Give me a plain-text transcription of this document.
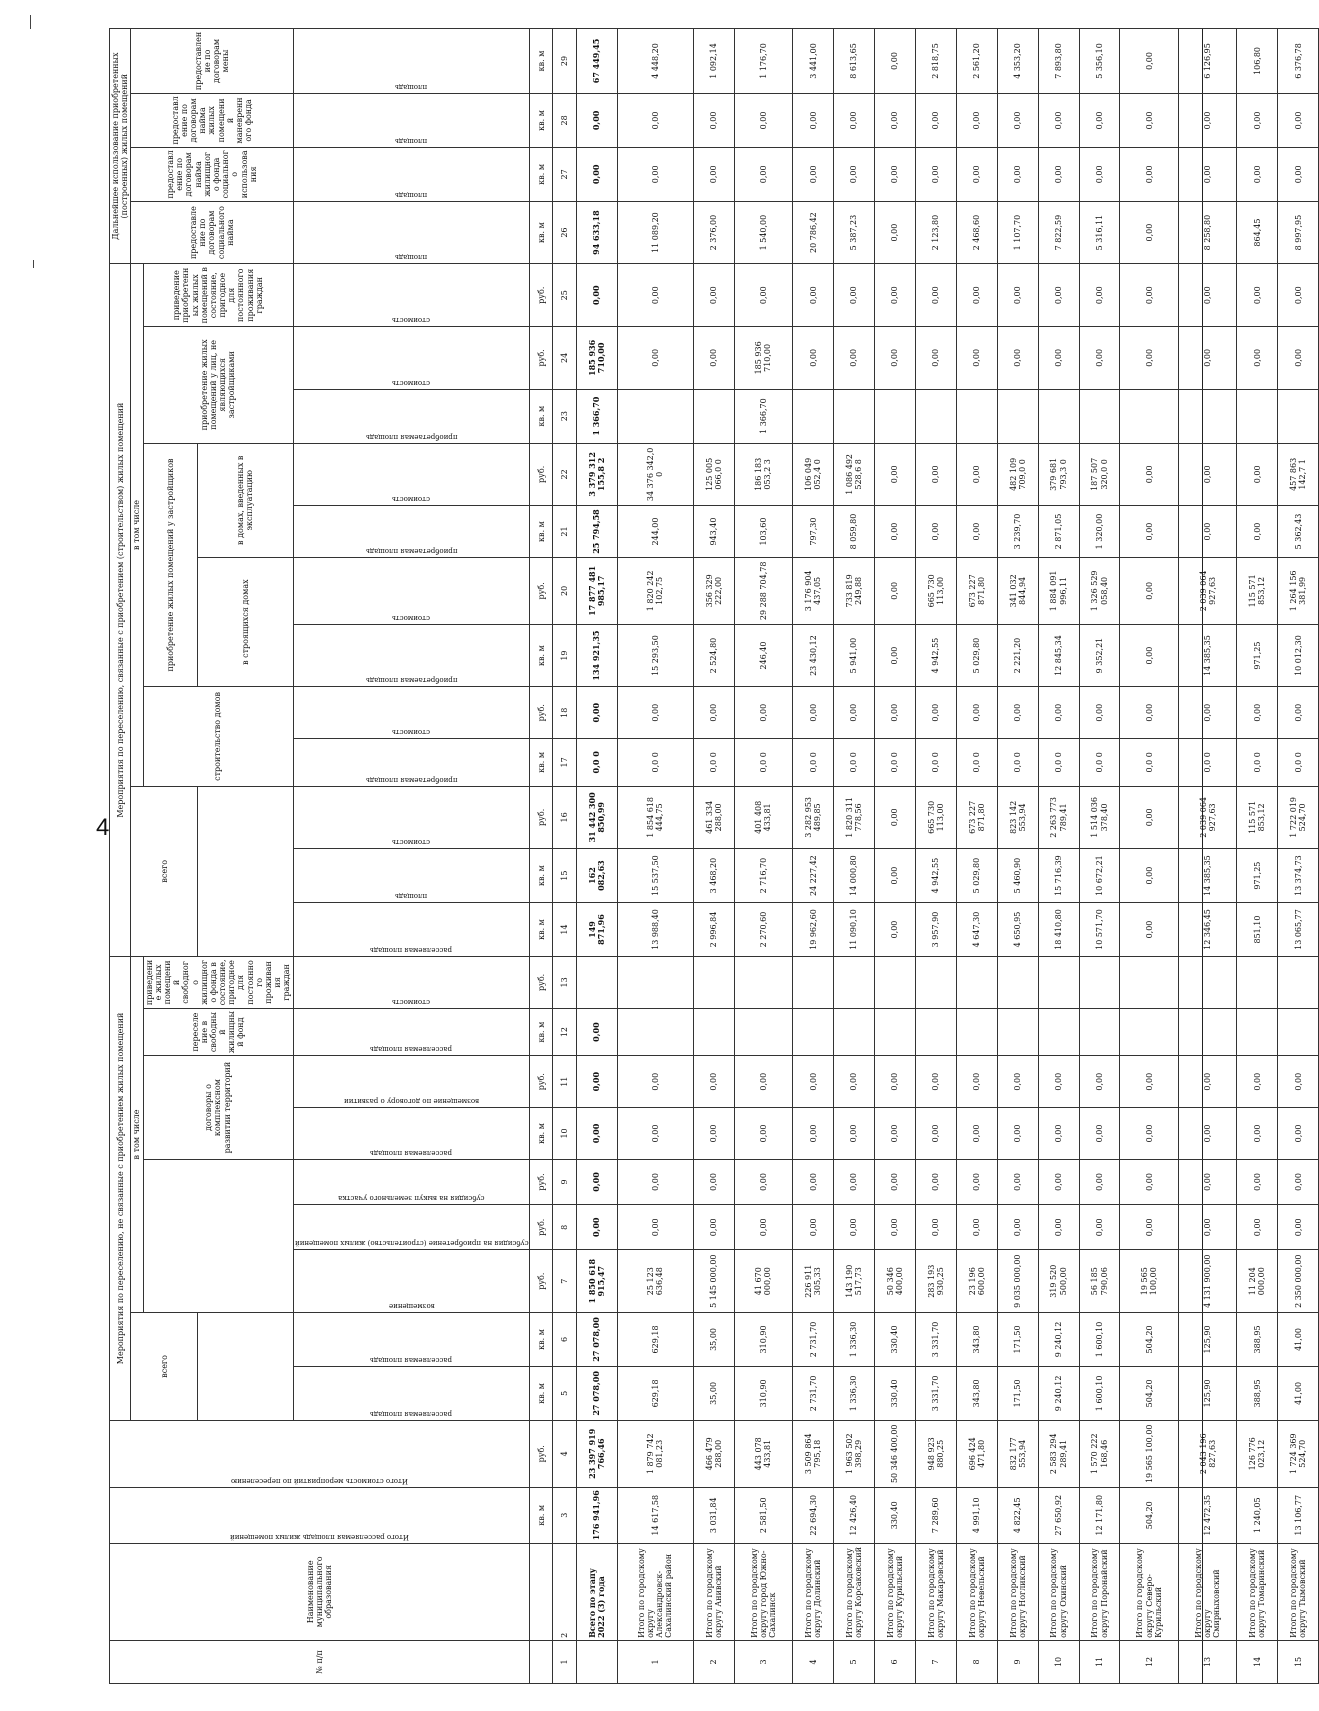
4
№ п/п	Наименование муниципального образования	Итого расселяемая площадь жилых помещений	Итого стоимость мероприятий по переселению	Мероприятия по переселению, не связанные с приобретением жилых помещений									Мероприятия по переселению, связанные с приобретением (строительством) жилых помещений												Дальнейшее использование приобретенных (построенных) жилых помещений			
				всего		в том числе							всего			в том числе									предоставление по договорам социального найма	предоставление по договорам найма жилищного фонда социального использования	предоставление по договорам найма жилых помещений маневренного фонда	предоставление по договорам мены
									договоры о комплексном развитии территорий		переселение в свободный жилищный фонд	приведение жилых помещений свободного жилищного фонда в состояние, пригодное для постоянного проживания граждан				строительство домов		приобретение жилых помещений у застройщиков				приобретение жилых помещений у лиц, не являющихся застройщиками		приведение приобретенных жилых помещений в состояние, пригодное для постоянного проживания граждан				
																		в строящихся домах		в домах, введенных в эксплуатацию								

				расселяемая площадь	расселяемая площадь	возмещение	субсидия на приобретение (строительство) жилых помещений	субсидия на выкуп земельного участка	расселяемая площадь	возмещение по договору о развитии	расселяемая площадь	стоимость	расселяемая площадь	площадь	стоимость	приобретаемая площадь	стоимость	приобретаемая площадь	стоимость	приобретаемая площадь	стоимость	приобретаемая площадь	стоимость	стоимость	площадь	площадь	площадь	площадь

		кв. м	руб.	кв. м	кв. м	руб.	руб.	руб.	кв. м	руб.	кв. м	руб.	кв. м	кв. м	руб.	кв. м	руб.	кв. м	руб.	кв. м	руб.	кв. м	руб.	руб.	кв. м	кв. м	кв. м	кв. м
1	2	3	4	5	6	7	8	9	10	11	12	13	14	15	16	17	18	19	20	21	22	23	24	25	26	27	28	29
	Всего по этапу 2022 (3) года	176 941,96	23 397 919 766,46	27 078,00	27 078,00	1 850 618 915,47	0,00	0,00	0,00	0,00	0,00		149 871,96	162 082,63	31 442 300 850,99	0,0 0	0,00	134 921,35	17 877 481 985,17	25 794,58	3 379 312 155,8 2	1 366,70	185 936 710,00	0,00	94 633,18	0,00	0,00	67 449,45
1	Итого по городскому округу Александровск-Сахалинский район	14 617,58	1 879 742 081,23	629,18	629,18	25 123 636,48	0,00	0,00	0,00	0,00			13 988,40	15 537,50	1 854 618 444,75	0,0 0	0,00	15 293,50	1 820 242 102,75	244,00	34 376 342,0 0		0,00	0,00	11 089,20	0,00	0,00	4 448,20
2	Итого по городскому округу Анивский	3 031,84	466 479 288,00	35,00	35,00	5 145 000,00	0,00	0,00	0,00	0,00			2 996,84	3 468,20	461 334 288,00	0,0 0	0,00	2 524,80	356 329 222,00	943,40	125 005 066,0 0		0,00	0,00	2 376,00	0,00	0,00	1 092,14
3	Итого по городскому округу город Южно-Сахалинск	2 581,50	443 078 433,81	310,90	310,90	41 670 000,00	0,00	0,00	0,00	0,00			2 270,60	2 716,70	401 408 433,81	0,0 0	0,00	246,40	29 288 704,78	103,60	186 183 053,2 3	1 366,70	185 936 710,00	0,00	1 540,00	0,00	0,00	1 176,70
4	Итого по городскому округу Долинский	22 694,30	3 509 864 795,18	2 731,70	2 731,70	226 911 305,33	0,00	0,00	0,00	0,00			19 962,60	24 227,42	3 282 953 489,85	0,0 0	0,00	23 430,12	3 176 904 437,05	797,30	106 049 052,4 0		0,00	0,00	20 786,42	0,00	0,00	3 441,00
5	Итого по городскому округу Корсаковский	12 426,40	1 963 502 398,29	1 336,30	1 336,30	143 190 517,73	0,00	0,00	0,00	0,00			11 090,10	14 000,80	1 820 311 778,56	0,0 0	0,00	5 941,00	733 819 249,88	8 059,80	1 086 492 528,6 8		0,00	0,00	5 387,23	0,00	0,00	8 613,65
6	Итого по городскому округу Курильский	330,40	50 346 400,00	330,40	330,40	50 346 400,00	0,00	0,00	0,00	0,00			0,00	0,00	0,00	0,0 0	0,00	0,00	0,00	0,00	0,00		0,00	0,00	0,00	0,00	0,00	0,00
7	Итого по городскому округу Макаровский	7 289,60	948 923 880,25	3 331,70	3 331,70	283 193 930,25	0,00	0,00	0,00	0,00			3 957,90	4 942,55	665 730 113,00	0,0 0	0,00	4 942,55	665 730 113,00	0,00	0,00		0,00	0,00	2 123,80	0,00	0,00	2 818,75
8	Итого по городскому округу Невельский	4 991,10	696 424 471,80	343,80	343,80	23 196 600,00	0,00	0,00	0,00	0,00			4 647,30	5 029,80	673 227 871,80	0,0 0	0,00	5 029,80	673 227 871,80	0,00	0,00		0,00	0,00	2 468,60	0,00	0,00	2 561,20
9	Итого по городскому округу Ногликский	4 822,45	832 177 553,94	171,50	171,50	9 035 000,00	0,00	0,00	0,00	0,00			4 650,95	5 460,90	823 142 553,94	0,0 0	0,00	2 221,20	341 032 844,94	3 239,70	482 109 709,0 0		0,00	0,00	1 107,70	0,00	0,00	4 353,20
10	Итого по городскому округу Охинский	27 650,92	2 583 294 289,41	9 240,12	9 240,12	319 520 500,00	0,00	0,00	0,00	0,00			18 410,80	15 716,39	2 263 773 789,41	0,0 0	0,00	12 845,34	1 884 091 996,11	2 871,05	379 681 793,3 0		0,00	0,00	7 822,59	0,00	0,00	7 893,80
11	Итого по городскому округу Поронайский	12 171,80	1 570 222 168,46	1 600,10	1 600,10	56 185 790,06	0,00	0,00	0,00	0,00			10 571,70	10 672,21	1 514 036 378,40	0,0 0	0,00	9 352,21	1 326 529 058,40	1 320,00	187 507 320,0 0		0,00	0,00	5 316,11	0,00	0,00	5 356,10
12	Итого по городскому округу Северо-Курильский	504,20	19 565 100,00	504,20	504,20	19 565 100,00	0,00	0,00	0,00	0,00			0,00	0,00	0,00	0,0 0	0,00	0,00	0,00	0,00	0,00		0,00	0,00	0,00	0,00	0,00	0,00
13	Итого по городскому округу Смирныховский	12 472,35	2 043 196 827,63	125,90	125,90	4 131 900,00	0,00	0,00	0,00	0,00			12 346,45	14 385,35	2 039 064 927,63	0,0 0	0,00	14 385,35	2 039 064 927,63	0,00	0,00		0,00	0,00	8 258,80	0,00	0,00	6 126,95
14	Итого по городскому округу Томаринский	1 240,05	126 776 023,12	388,95	388,95	11 204 000,00	0,00	0,00	0,00	0,00			851,10	971,25	115 571 853,12	0,0 0	0,00	971,25	115 571 853,12	0,00	0,00		0,00	0,00	864,45	0,00	0,00	106,80
15	Итого по городскому округу Тымовский	13 106,77	1 724 369 524,70	41,00	41,00	2 350 000,00	0,00	0,00	0,00	0,00			13 065,77	13 374,73	1 722 019 524,70	0,0 0	0,00	10 012,30	1 264 156 381,99	5 362,43	457 863 142,7 1		0,00	0,00	8 997,95	0,00	0,00	6 376,78
